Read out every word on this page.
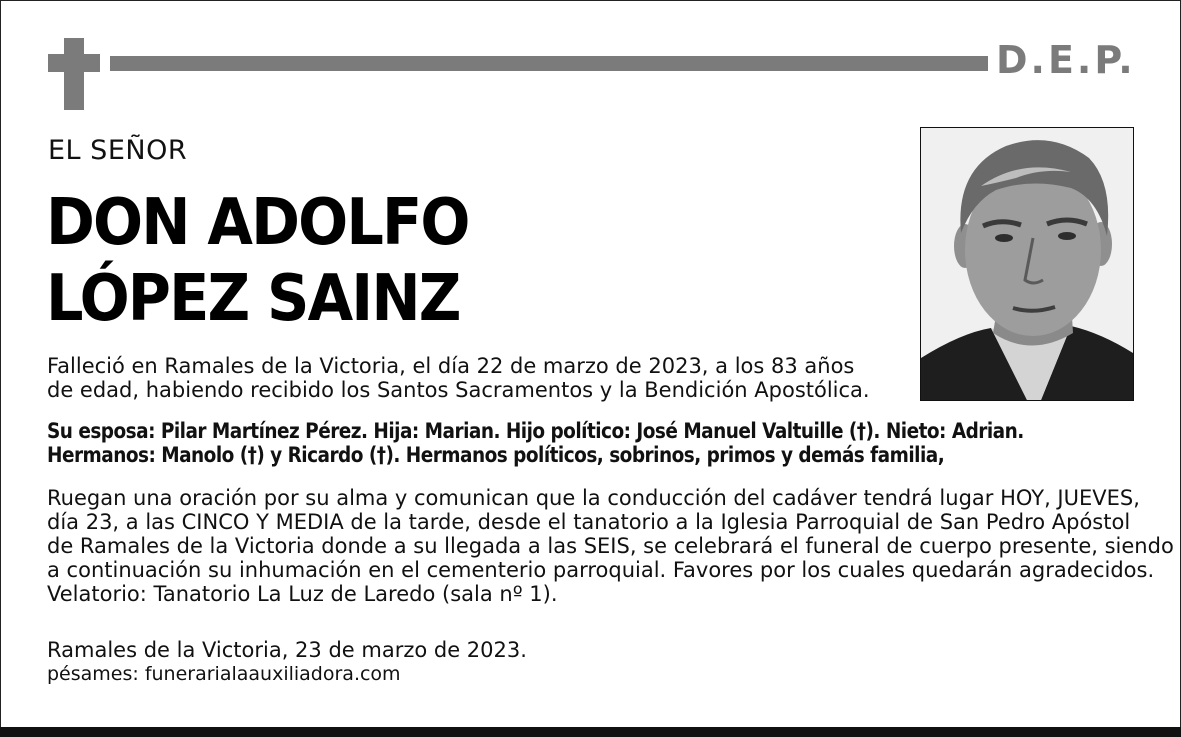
D.E.P.
EL SEÑOR
DON ADOLFO
LÓPEZ SAINZ
Falleció en Ramales de la Victoria, el día 22 de marzo de 2023, a los 83 años
de edad, habiendo recibido los Santos Sacramentos y la Bendición Apostólica.
Su esposa: Pilar Martínez Pérez. Hija: Marian. Hijo político: José Manuel Valtuille (†). Nieto: Adrian.
Hermanos: Manolo (†) y Ricardo (†). Hermanos políticos, sobrinos, primos y demás familia,
Ruegan una oración por su alma y comunican que la conducción del cadáver tendrá lugar HOY, JUEVES,
día 23, a las CINCO Y MEDIA de la tarde, desde el tanatorio a la Iglesia Parroquial de San Pedro Apóstol
de Ramales de la Victoria donde a su llegada a las SEIS, se celebrará el funeral de cuerpo presente, siendo
a continuación su inhumación en el cementerio parroquial. Favores por los cuales quedarán agradecidos.
Velatorio: Tanatorio La Luz de Laredo (sala nº 1).
Ramales de la Victoria, 23 de marzo de 2023.
pésames: funerarialaauxiliadora.com
